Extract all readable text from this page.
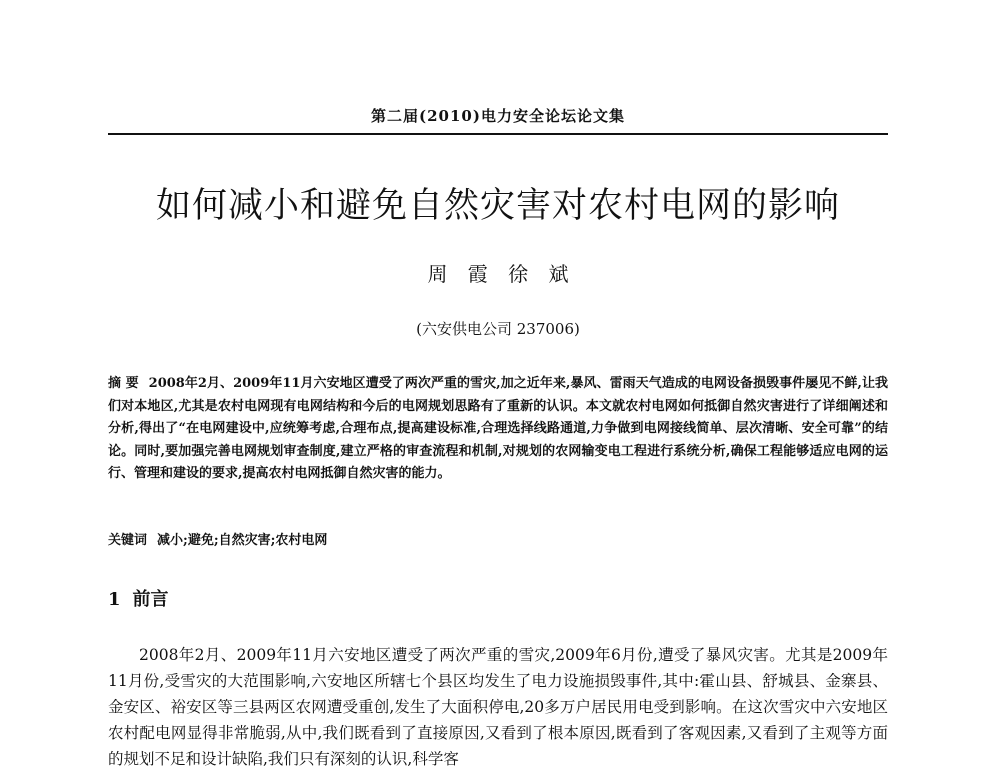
第二届(2010)电力安全论坛论文集
如何减小和避免自然灾害对农村电网的影响
周 霞 徐 斌
(六安供电公司 237006)

摘 要 2008年2月、2009年11月六安地区遭受了两次严重的雪灾,加之近年来,暴风、雷雨天气造成的电网设备损毁事件屡见不鲜,让我们对本地区,尤其是农村电网现有电网结构和今后的电网规划思路有了重新的认识。本文就农村电网如何抵御自然灾害进行了详细阐述和分析,得出了“在电网建设中,应统筹考虑,合理布点,提高建设标准,合理选择线路通道,力争做到电网接线简单、层次清晰、安全可靠”的结论。同时,要加强完善电网规划审查制度,建立严格的审查流程和机制,对规划的农网输变电工程进行系统分析,确保工程能够适应电网的运行、管理和建设的要求,提高农村电网抵御自然灾害的能力。

关键词 减小;避免;自然灾害;农村电网

1 前言

2008年2月、2009年11月六安地区遭受了两次严重的雪灾,2009年6月份,遭受了暴风灾害。尤其是2009年11月份,受雪灾的大范围影响,六安地区所辖七个县区均发生了电力设施损毁事件,其中:霍山县、舒城县、金寨县、金安区、裕安区等三县两区农网遭受重创,发生了大面积停电,20多万户居民用电受到影响。在这次雪灾中六安地区农村配电网显得非常脆弱,从中,我们既看到了直接原因,又看到了根本原因,既看到了客观因素,又看到了主观等方面的规划不足和设计缺陷,我们只有深刻的认识,科学客
